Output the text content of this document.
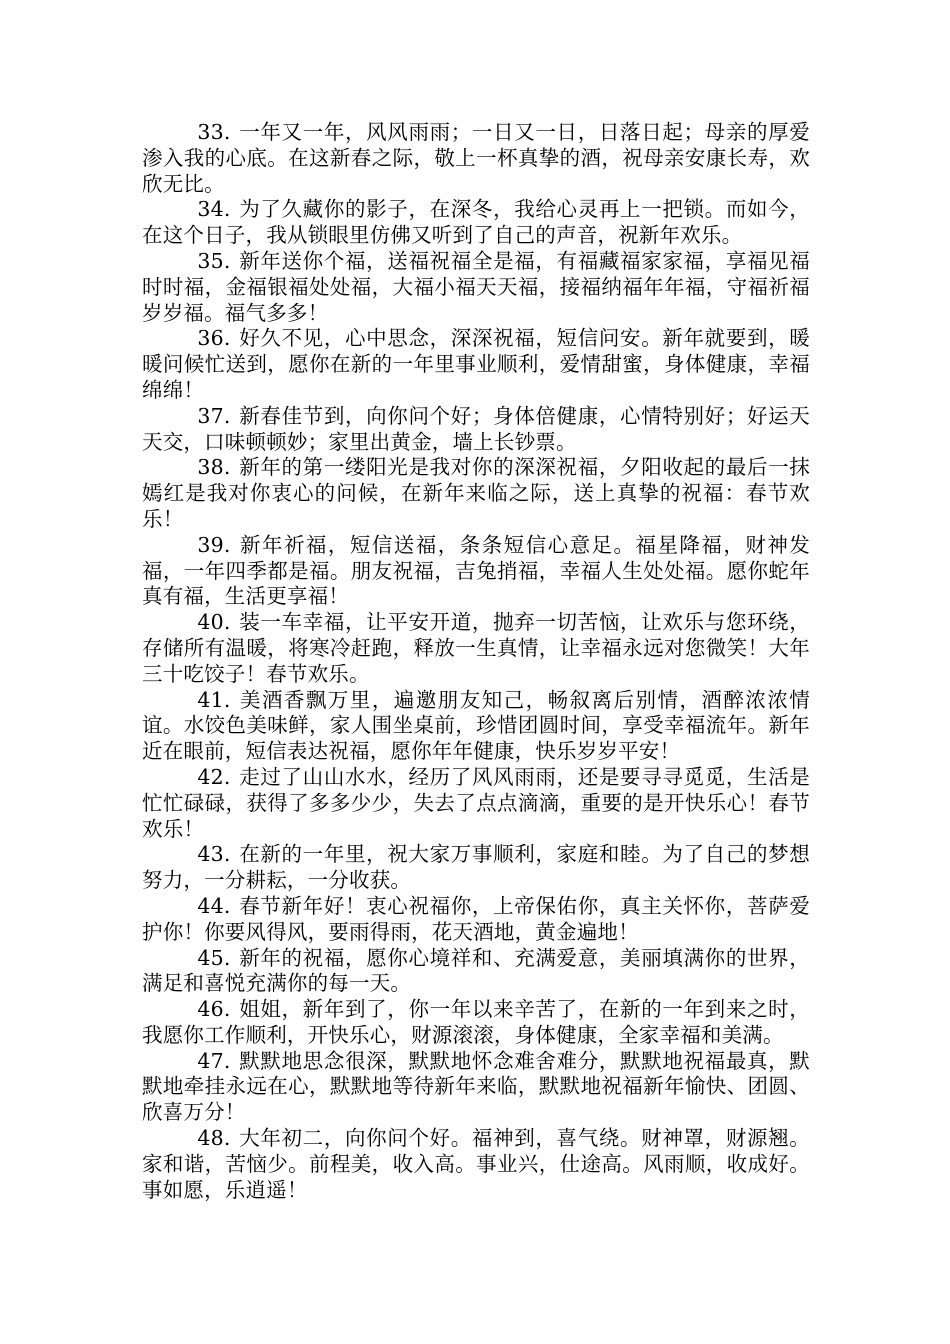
33. 一年又一年，风风雨雨；一日又一日，日落日起；母亲的厚爱渗入我的心底。在这新春之际，敬上一杯真挚的酒，祝母亲安康长寿，欢欣无比。

34. 为了久藏你的影子，在深冬，我给心灵再上一把锁。而如今，在这个日子，我从锁眼里仿佛又听到了自己的声音，祝新年欢乐。

35. 新年送你个福，送福祝福全是福，有福藏福家家福，享福见福时时福，金福银福处处福，大福小福天天福，接福纳福年年福，守福祈福岁岁福。福气多多！

36. 好久不见，心中思念，深深祝福，短信问安。新年就要到，暖暖问候忙送到，愿你在新的一年里事业顺利，爱情甜蜜，身体健康，幸福绵绵！

37. 新春佳节到，向你问个好；身体倍健康，心情特别好；好运天天交，口味顿顿妙；家里出黄金，墙上长钞票。

38. 新年的第一缕阳光是我对你的深深祝福，夕阳收起的最后一抹嫣红是我对你衷心的问候，在新年来临之际，送上真挚的祝福：春节欢乐！

39. 新年祈福，短信送福，条条短信心意足。福星降福，财神发福，一年四季都是福。朋友祝福，吉兔捎福，幸福人生处处福。愿你蛇年真有福，生活更享福！

40. 装一车幸福，让平安开道，抛弃一切苦恼，让欢乐与您环绕，存储所有温暖，将寒冷赶跑，释放一生真情，让幸福永远对您微笑！大年三十吃饺子！春节欢乐。

41. 美酒香飘万里，遍邀朋友知己，畅叙离后别情，酒醉浓浓情谊。水饺色美味鲜，家人围坐桌前，珍惜团圆时间，享受幸福流年。新年近在眼前，短信表达祝福，愿你年年健康，快乐岁岁平安！

42. 走过了山山水水，经历了风风雨雨，还是要寻寻觅觅，生活是忙忙碌碌，获得了多多少少，失去了点点滴滴，重要的是开快乐心！春节欢乐！

43. 在新的一年里，祝大家万事顺利，家庭和睦。为了自己的梦想努力，一分耕耘，一分收获。

44. 春节新年好！衷心祝福你，上帝保佑你，真主关怀你，菩萨爱护你！你要风得风，要雨得雨，花天酒地，黄金遍地！

45. 新年的祝福，愿你心境祥和、充满爱意，美丽填满你的世界，满足和喜悦充满你的每一天。

46. 姐姐，新年到了，你一年以来辛苦了，在新的一年到来之时，我愿你工作顺利，开快乐心，财源滚滚，身体健康，全家幸福和美满。

47. 默默地思念很深，默默地怀念难舍难分，默默地祝福最真，默默地牵挂永远在心，默默地等待新年来临，默默地祝福新年愉快、团圆、欣喜万分！

48. 大年初二，向你问个好。福神到，喜气绕。财神罩，财源翘。家和谐，苦恼少。前程美，收入高。事业兴，仕途高。风雨顺，收成好。事如愿，乐逍遥！
